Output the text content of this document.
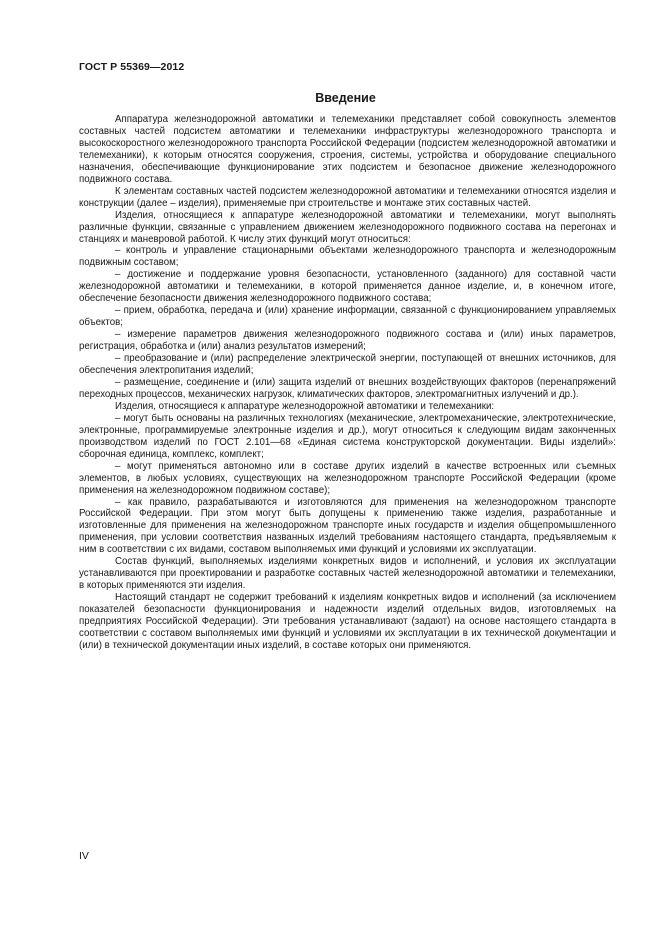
ГОСТ Р 55369—2012
Введение

Аппаратура железнодорожной автоматики и телемеханики представляет собой совокупность элементов составных частей подсистем автоматики и телемеханики инфраструктуры железнодорожного транспорта и высокоскоростного железнодорожного транспорта Российской Федерации (подсистем железнодорожной автоматики и телемеханики), к которым относятся сооружения, строения, системы, устройства и оборудование специального назначения, обеспечивающие функционирование этих подсистем и безопасное движение железнодорожного подвижного состава.

К элементам составных частей подсистем железнодорожной автоматики и телемеханики относятся изделия и конструкции (далее – изделия), применяемые при строительстве и монтаже этих составных частей.

Изделия, относящиеся к аппаратуре железнодорожной автоматики и телемеханики, могут выполнять различные функции, связанные с управлением движением железнодорожного подвижного состава на перегонах и станциях и маневровой работой. К числу этих функций могут относиться:

– контроль и управление стационарными объектами железнодорожного транспорта и железнодорожным подвижным составом;

– достижение и поддержание уровня безопасности, установленного (заданного) для составной части железнодорожной автоматики и телемеханики, в которой применяется данное изделие, и, в конечном итоге, обеспечение безопасности движения железнодорожного подвижного состава;

– прием, обработка, передача и (или) хранение информации, связанной с функционированием управляемых объектов;

– измерение параметров движения железнодорожного подвижного состава и (или) иных параметров, регистрация, обработка и (или) анализ результатов измерений;

– преобразование и (или) распределение электрической энергии, поступающей от внешних источников, для обеспечения электропитания изделий;

– размещение, соединение и (или) защита изделий от внешних воздействующих факторов (перенапряжений переходных процессов, механических нагрузок, климатических факторов, электромагнитных излучений и др.).

Изделия, относящиеся к аппаратуре железнодорожной автоматики и телемеханики:

– могут быть основаны на различных технологиях (механические, электромеханические, электротехнические, электронные, программируемые электронные изделия и др.), могут относиться к следующим видам законченных производством изделий по ГОСТ 2.101—68 «Единая система конструкторской документации. Виды изделий»: сборочная единица, комплекс, комплект;

– могут применяться автономно или в составе других изделий в качестве встроенных или съемных элементов, в любых условиях, существующих на железнодорожном транспорте Российской Федерации (кроме применения на железнодорожном подвижном составе);

– как правило, разрабатываются и изготовляются для применения на железнодорожном транспорте Российской Федерации. При этом могут быть допущены к применению также изделия, разработанные и изготовленные для применения на железнодорожном транспорте иных государств и изделия общепромышленного применения, при условии соответствия названных изделий требованиям настоящего стандарта, предъявляемым к ним в соответствии с их видами, составом выполняемых ими функций и условиями их эксплуатации.

Состав функций, выполняемых изделиями конкретных видов и исполнений, и условия их эксплуатации устанавливаются при проектировании и разработке составных частей железнодорожной автоматики и телемеханики, в которых применяются эти изделия.

Настоящий стандарт не содержит требований к изделиям конкретных видов и исполнений (за исключением показателей безопасности функционирования и надежности изделий отдельных видов, изготовляемых на предприятиях Российской Федерации). Эти требования устанавливают (задают) на основе настоящего стандарта в соответствии с составом выполняемых ими функций и условиями их эксплуатации в их технической документации и (или) в технической документации иных изделий, в составе которых они применяются.

IV
